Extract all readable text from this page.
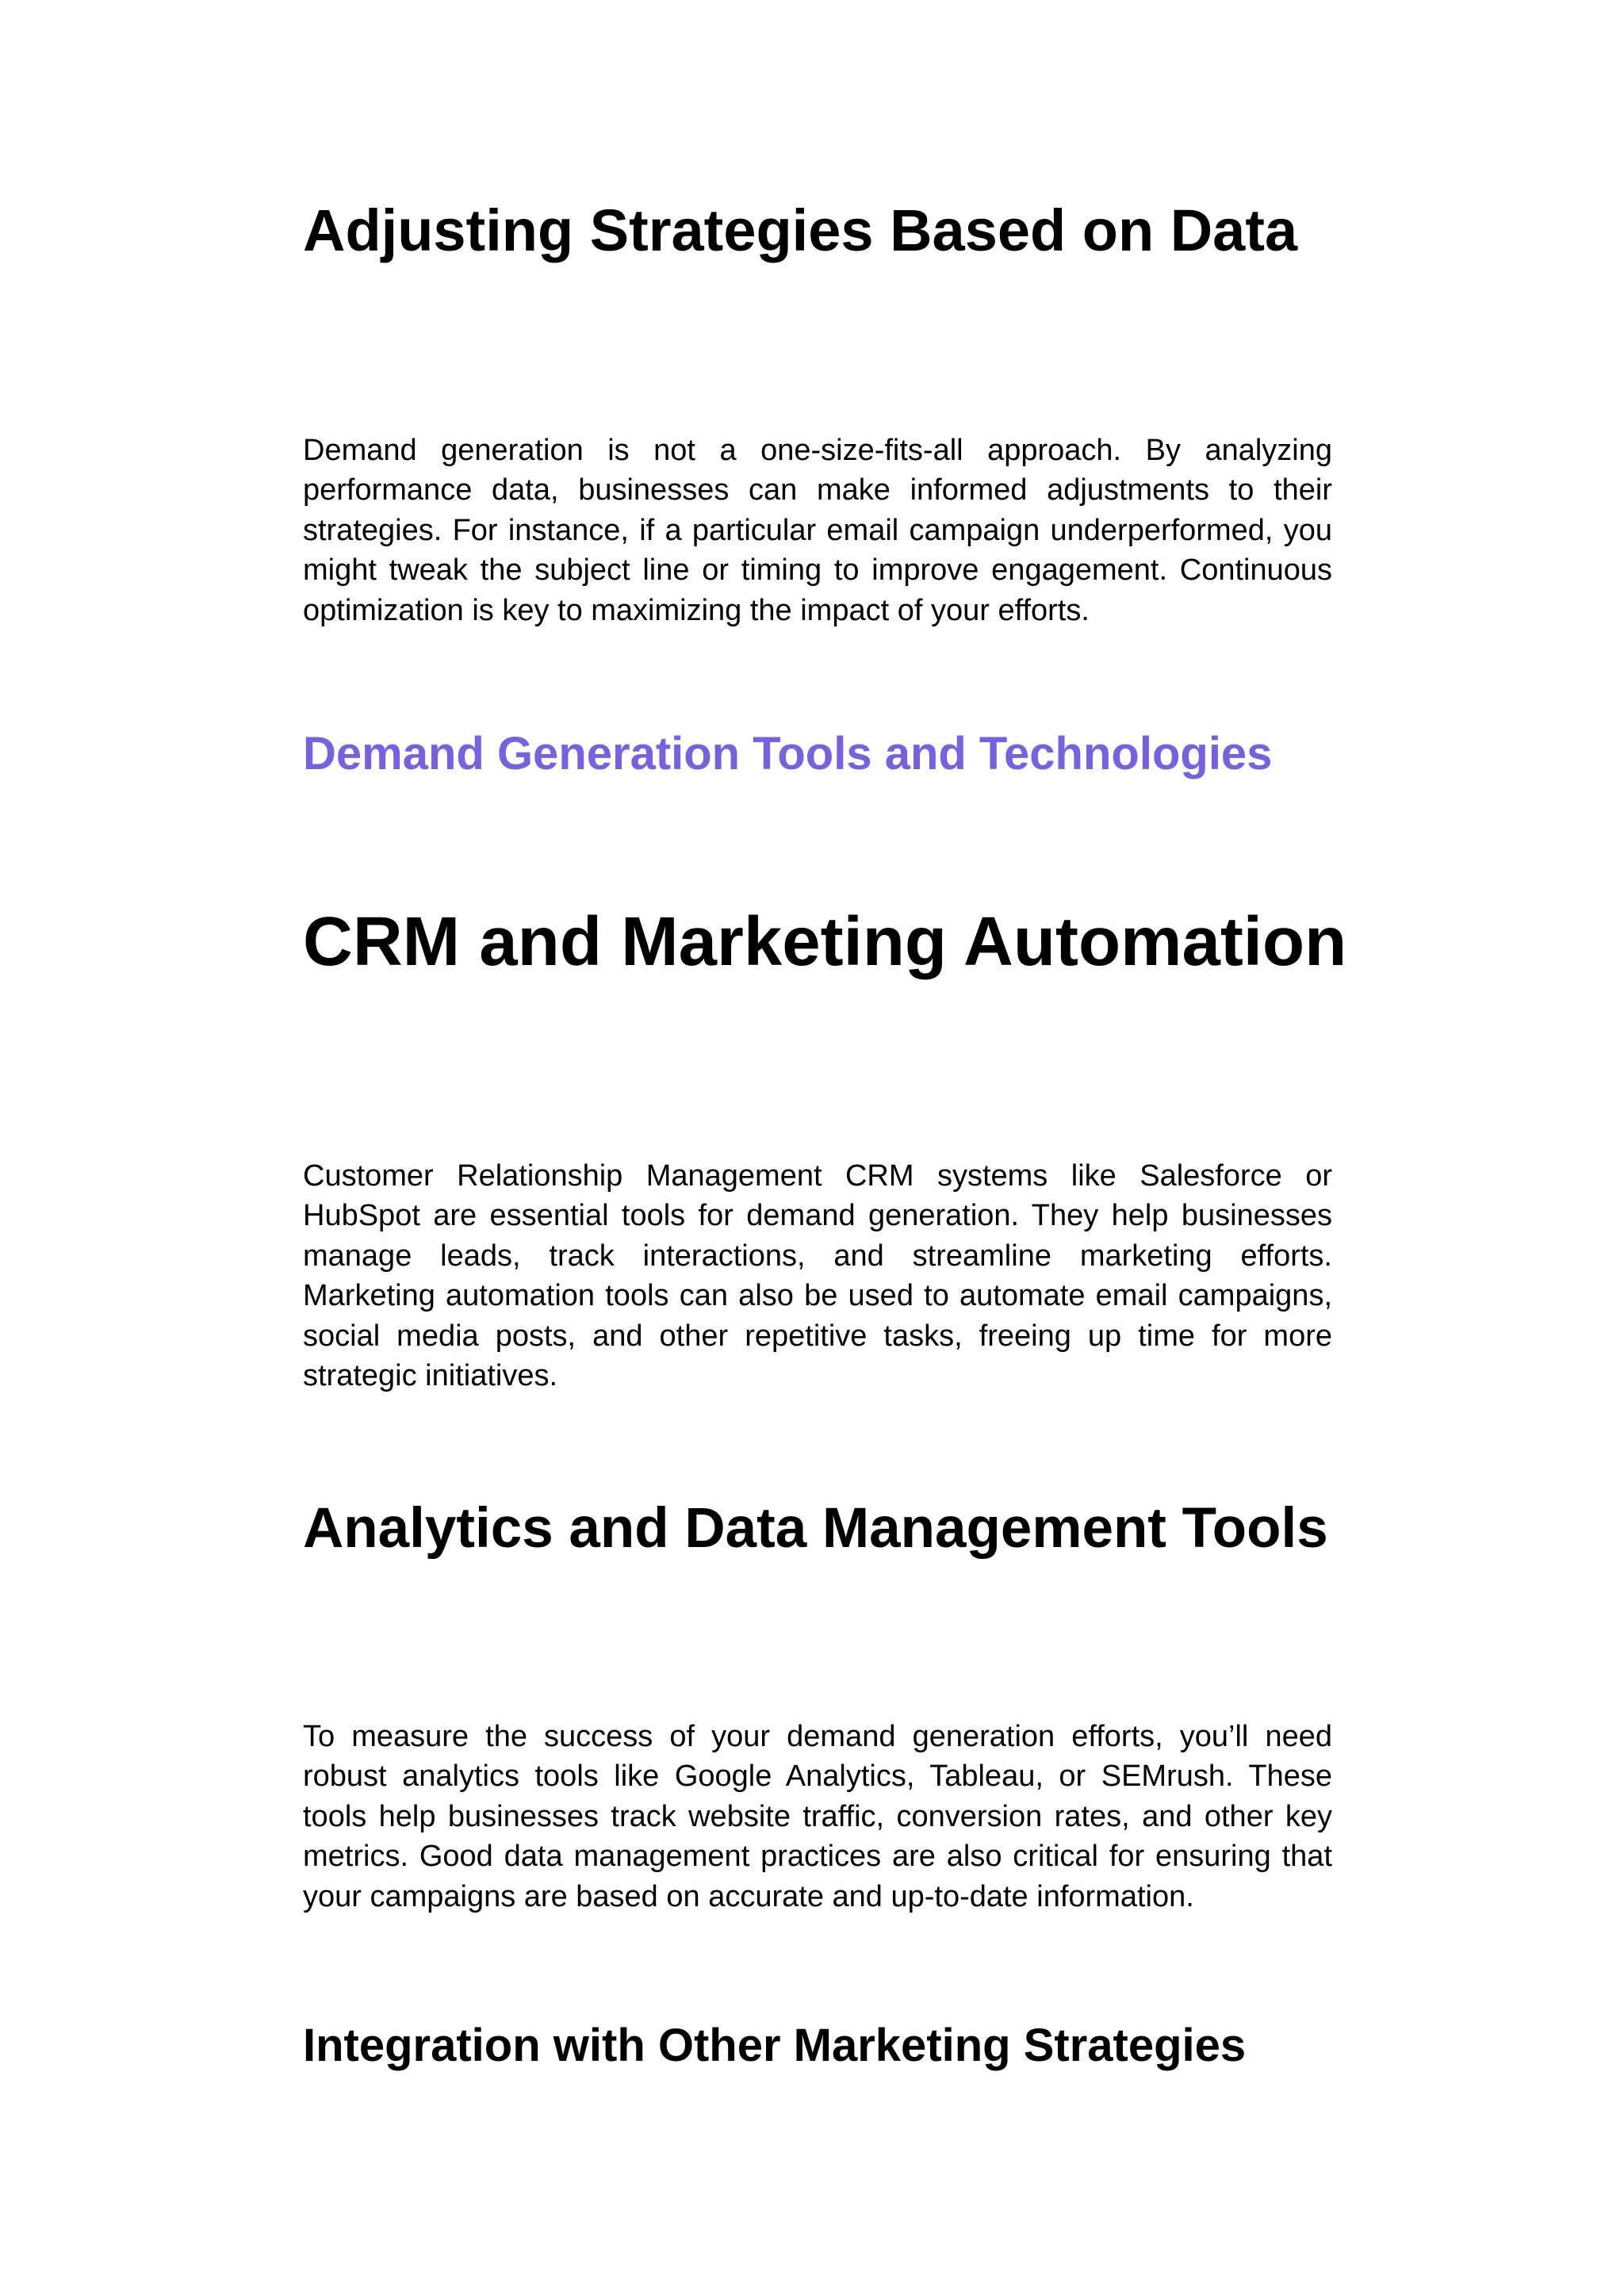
Adjusting Strategies Based on Data

Demand generation is not a one-size-fits-all approach. By analyzing performance data, businesses can make informed adjustments to their strategies. For instance, if a particular email campaign underperformed, you might tweak the subject line or timing to improve engagement. Continuous optimization is key to maximizing the impact of your efforts.

Demand Generation Tools and Technologies
CRM and Marketing Automation

Customer Relationship Management CRM systems like Salesforce or HubSpot are essential tools for demand generation. They help businesses manage leads, track interactions, and streamline marketing efforts. Marketing automation tools can also be used to automate email campaigns, social media posts, and other repetitive tasks, freeing up time for more strategic initiatives.

Analytics and Data Management Tools

To measure the success of your demand generation efforts, you’ll need robust analytics tools like Google Analytics, Tableau, or SEMrush. These tools help businesses track website traffic, conversion rates, and other key metrics. Good data management practices are also critical for ensuring that your campaigns are based on accurate and up-to-date information.

Integration with Other Marketing Strategies
